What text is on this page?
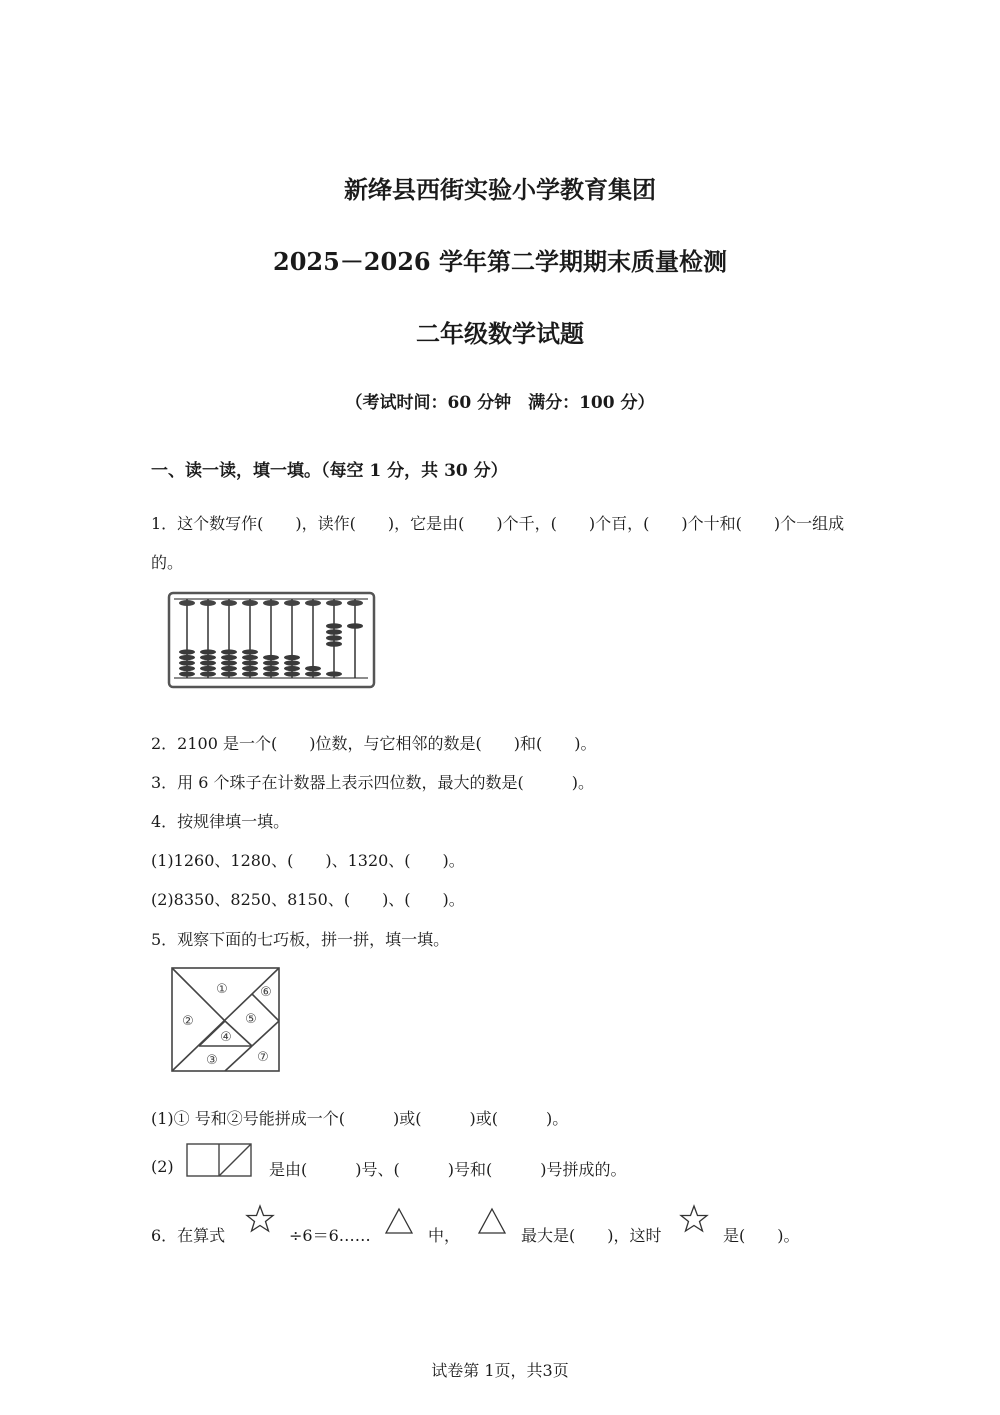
新绛县西街实验小学教育集团
2025－2026 学年第二学期期末质量检测
二年级数学试题
（考试时间：60 分钟　满分：100 分）
一、读一读，填一填。（每空 1 分，共 30 分）
1．这个数写作(　　)，读作(　　)，它是由(　　)个千，(　　)个百，(　　)个十和(　　)个一组成
的。
2．2100 是一个(　　)位数，与它相邻的数是(　　)和(　　)。
3．用 6 个珠子在计数器上表示四位数，最大的数是(　　　)。
4．按规律填一填。
(1)1260、1280、(　　)、1320、(　　)。
(2)8350、8250、8150、(　　)、(　　)。
5．观察下面的七巧板，拼一拼，填一填。
①
②
③
④
⑤
⑥
⑦
(1)① 号和②号能拼成一个(　　　)或(　　　)或(　　　)。
(2)	是由(　　　)号、(　　　)号和(　　　)号拼成的。
6．在算式	÷6＝6……	中，	最大是(　　)，这时	是(　　)。
试卷第 1页，共3页
